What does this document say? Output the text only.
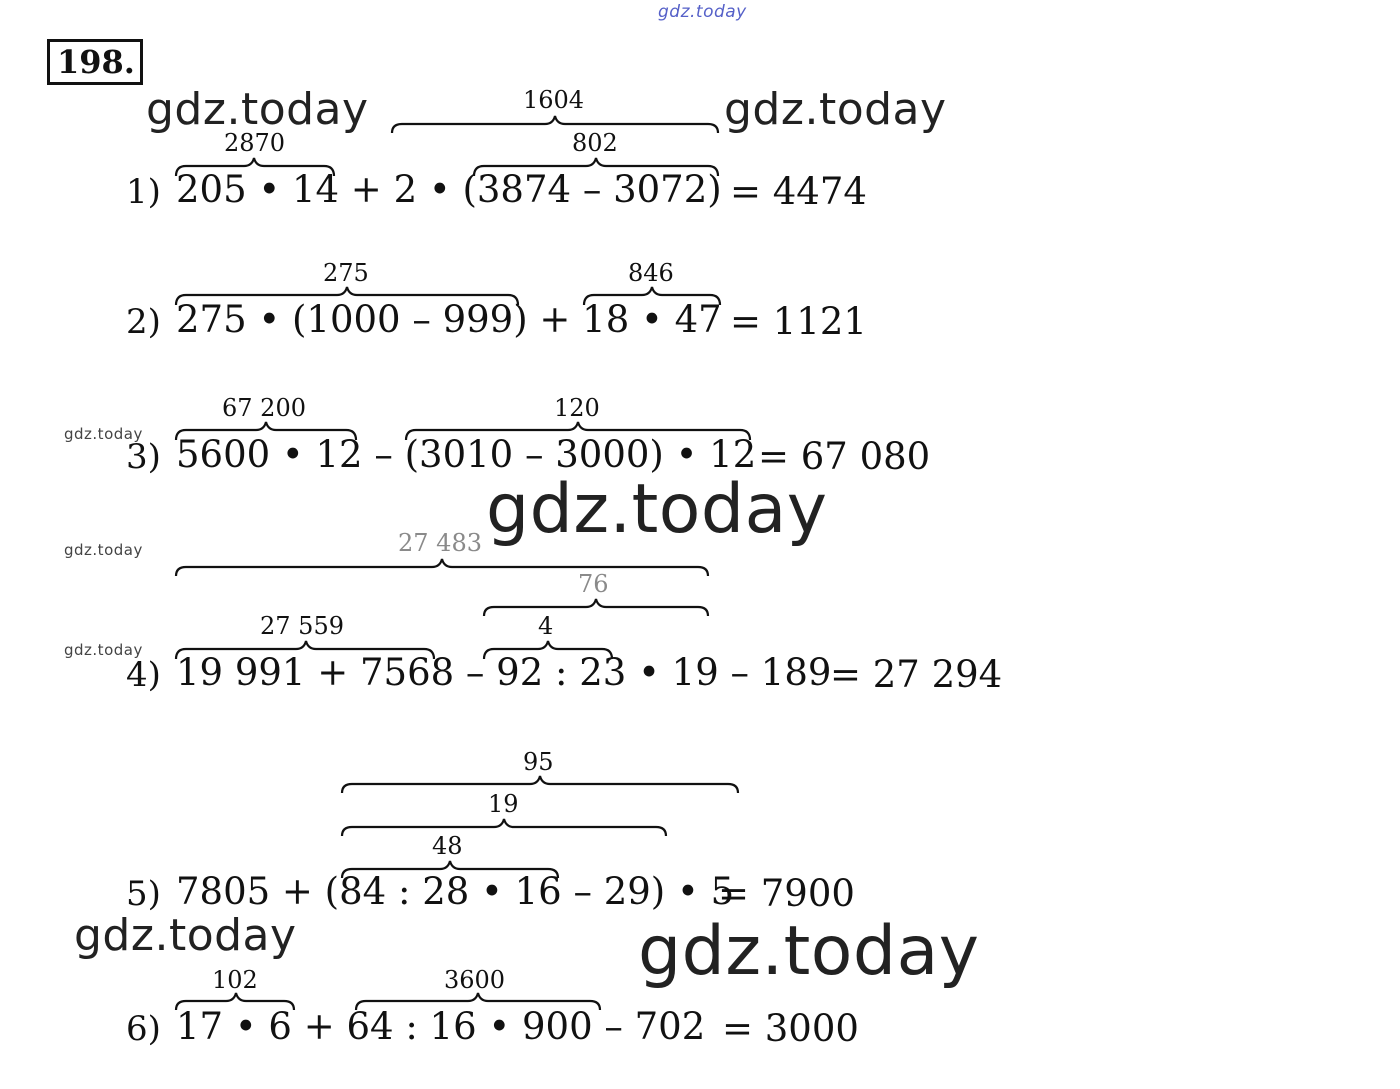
gdz.today
198.
gdz.today	gdz.today
gdz.today
gdz.today	gdz.today
gdz.today
gdz.today
gdz.today
gdz.today
1604
2870	802
1) 205 • 14 + 2 • (3874 – 3072) = 4474
275	846
2) 275 • (1000 – 999) + 18 • 47 = 1121
67 200	120
3) 5600 • 12 – (3010 – 3000) • 12 = 67 080
27 483
76
27 559	4
4) 19 991 + 7568 – 92 : 23 • 19 – 189
= 27 294
95
19
48
5) 7805 + (84 : 28 • 16 – 29) • 5
= 7900
102	3600
6) 17 • 6 + 64 : 16 • 900 – 702 = 3000
